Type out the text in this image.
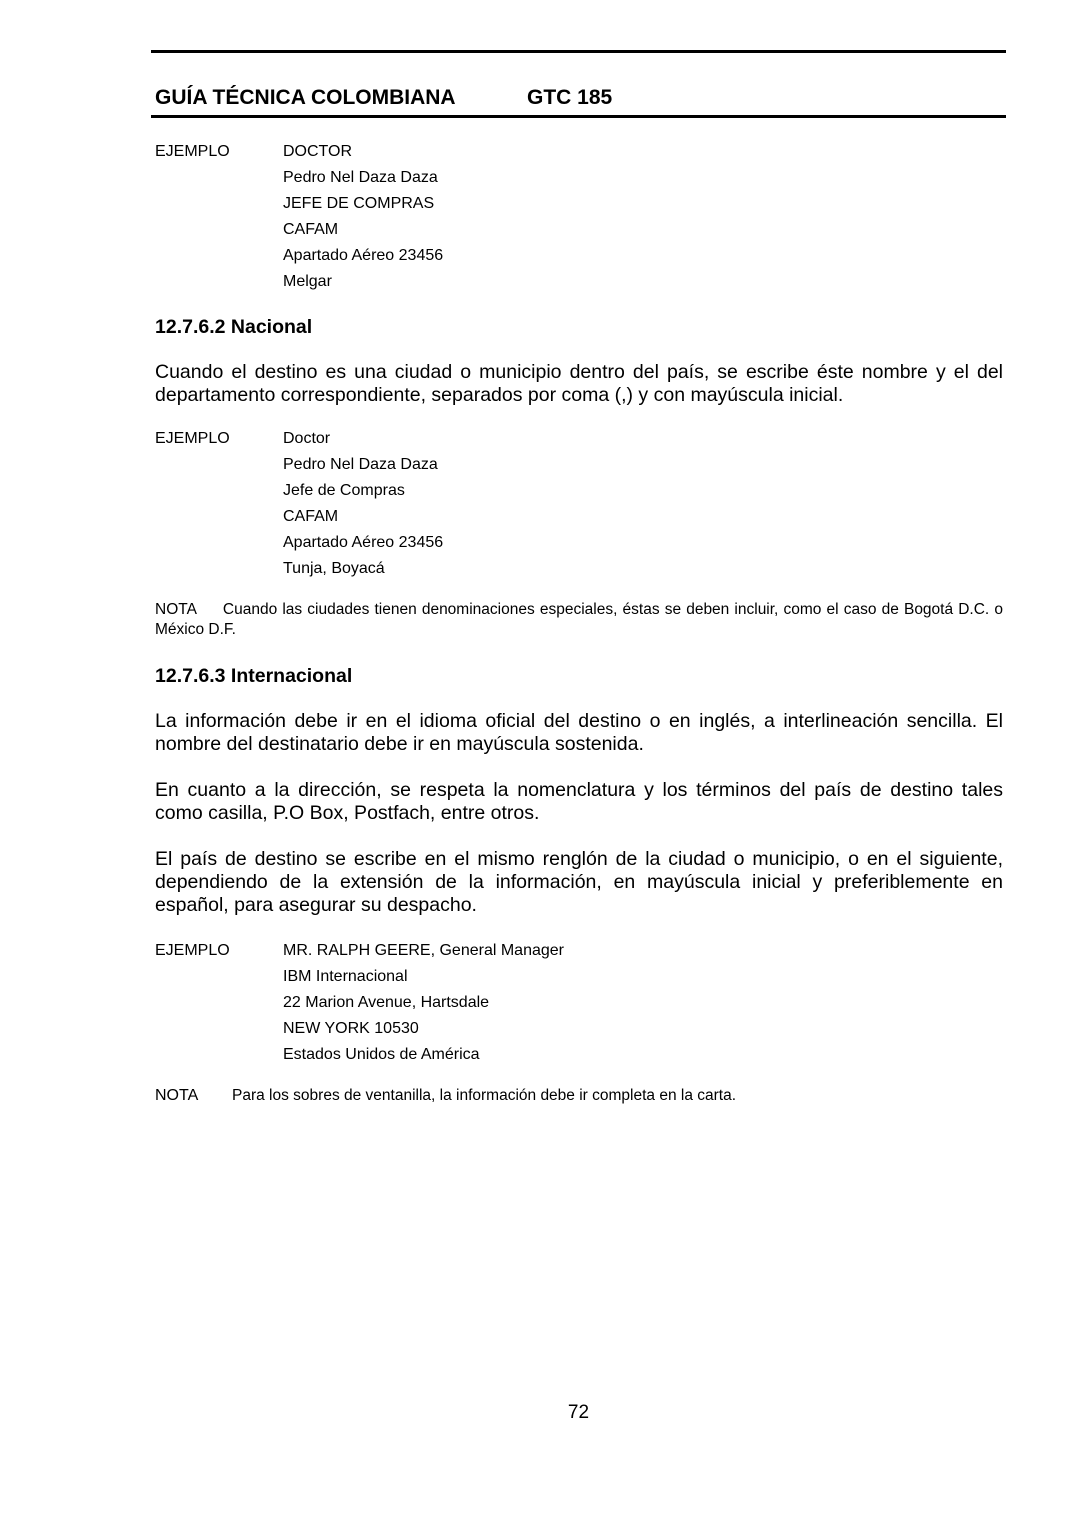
GUÍA TÉCNICA COLOMBIANA	GTC 185
EJEMPLO	DOCTOR
Pedro Nel Daza Daza
JEFE DE COMPRAS
CAFAM
Apartado Aéreo 23456
Melgar
12.7.6.2 Nacional

Cuando el destino es una ciudad o municipio dentro del país, se escribe éste nombre y el del departamento correspondiente, separados por coma (,) y con mayúscula inicial.

EJEMPLO	Doctor
Pedro Nel Daza Daza
Jefe de Compras
CAFAM
Apartado Aéreo 23456
Tunja, Boyacá

NOTA Cuando las ciudades tienen denominaciones especiales, éstas se deben incluir, como el caso de Bogotá D.C. o México D.F.

12.7.6.3 Internacional

La información debe ir en el idioma oficial del destino o en inglés, a interlineación sencilla. El nombre del destinatario debe ir en mayúscula sostenida.

En cuanto a la dirección, se respeta la nomenclatura y los términos del país de destino tales como casilla, P.O Box, Postfach, entre otros.

El país de destino se escribe en el mismo renglón de la ciudad o municipio, o en el siguiente, dependiendo de la extensión de la información, en mayúscula inicial y preferiblemente en español, para asegurar su despacho.

EJEMPLO	MR. RALPH GEERE, General Manager
IBM Internacional
22 Marion Avenue, Hartsdale
NEW YORK 10530
Estados Unidos de América
NOTA Para los sobres de ventanilla, la información debe ir completa en la carta.
72
